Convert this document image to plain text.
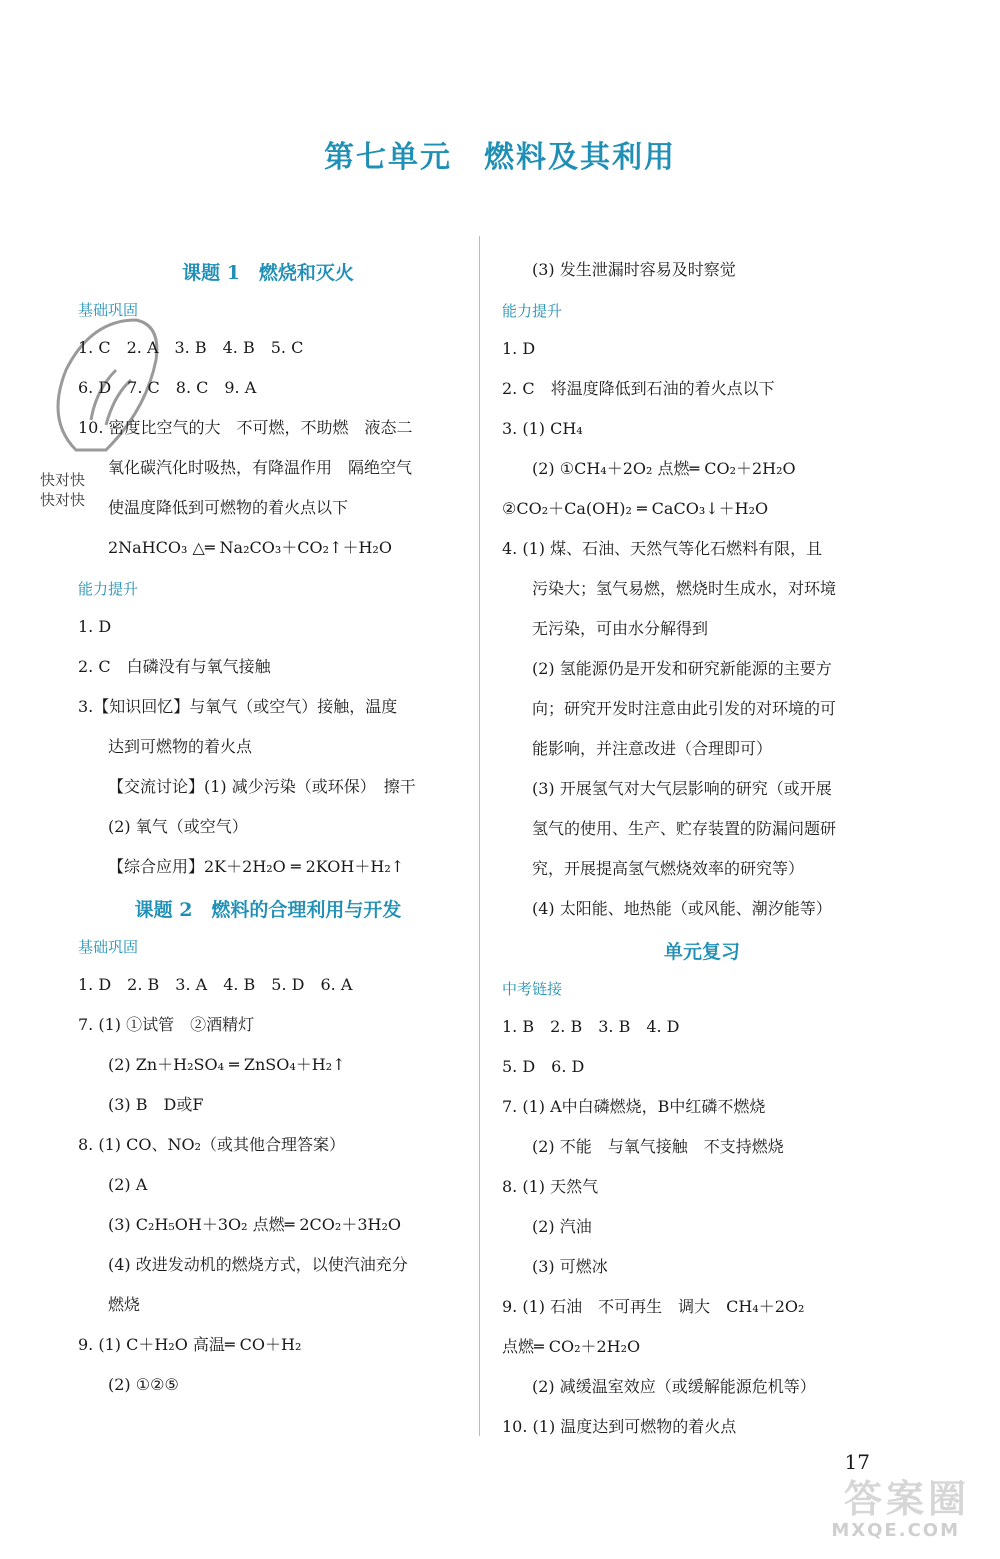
第七单元　燃料及其利用
快对快
快对快
课题 1　燃烧和灭火
基础巩固
1. C　2. A　3. B　4. B　5. C
6. D　7. C　8. C　9. A
10. 密度比空气的大　不可燃，不助燃　液态二
氧化碳汽化时吸热，有降温作用　隔绝空气
使温度降低到可燃物的着火点以下
2NaHCO₃ △═ Na₂CO₃＋CO₂↑＋H₂O
能力提升
1. D
2. C　白磷没有与氧气接触
3.【知识回忆】与氧气（或空气）接触，温度
达到可燃物的着火点
【交流讨论】(1) 减少污染（或环保）　擦干
(2) 氧气（或空气）
【综合应用】2K＋2H₂O ═ 2KOH＋H₂↑
课题 2　燃料的合理利用与开发
基础巩固
1. D　2. B　3. A　4. B　5. D　6. A
7. (1) ①试管　②酒精灯
(2) Zn＋H₂SO₄ ═ ZnSO₄＋H₂↑
(3) B　D或F
8. (1) CO、NO₂（或其他合理答案）
(2) A
(3) C₂H₅OH＋3O₂ 点燃═ 2CO₂＋3H₂O
(4) 改进发动机的燃烧方式，以使汽油充分
燃烧
9. (1) C＋H₂O 高温═ CO＋H₂
(2) ①②⑤
(3) 发生泄漏时容易及时察觉
能力提升
1. D
2. C　将温度降低到石油的着火点以下
3. (1) CH₄
(2) ①CH₄＋2O₂ 点燃═ CO₂＋2H₂O
②CO₂＋Ca(OH)₂ ═ CaCO₃↓＋H₂O
4. (1) 煤、石油、天然气等化石燃料有限，且
污染大；氢气易燃，燃烧时生成水，对环境
无污染，可由水分解得到
(2) 氢能源仍是开发和研究新能源的主要方
向；研究开发时注意由此引发的对环境的可
能影响，并注意改进（合理即可）
(3) 开展氢气对大气层影响的研究（或开展
氢气的使用、生产、贮存装置的防漏问题研
究，开展提高氢气燃烧效率的研究等）
(4) 太阳能、地热能（或风能、潮汐能等）
单元复习
中考链接
1. B　2. B　3. B　4. D
5. D　6. D
7. (1) A中白磷燃烧，B中红磷不燃烧
(2) 不能　与氧气接触　不支持燃烧
8. (1) 天然气
(2) 汽油
(3) 可燃冰
9. (1) 石油　不可再生　调大　CH₄＋2O₂
点燃═ CO₂＋2H₂O
(2) 减缓温室效应（或缓解能源危机等）
10. (1) 温度达到可燃物的着火点
17
答案圈
MXQE.COM
